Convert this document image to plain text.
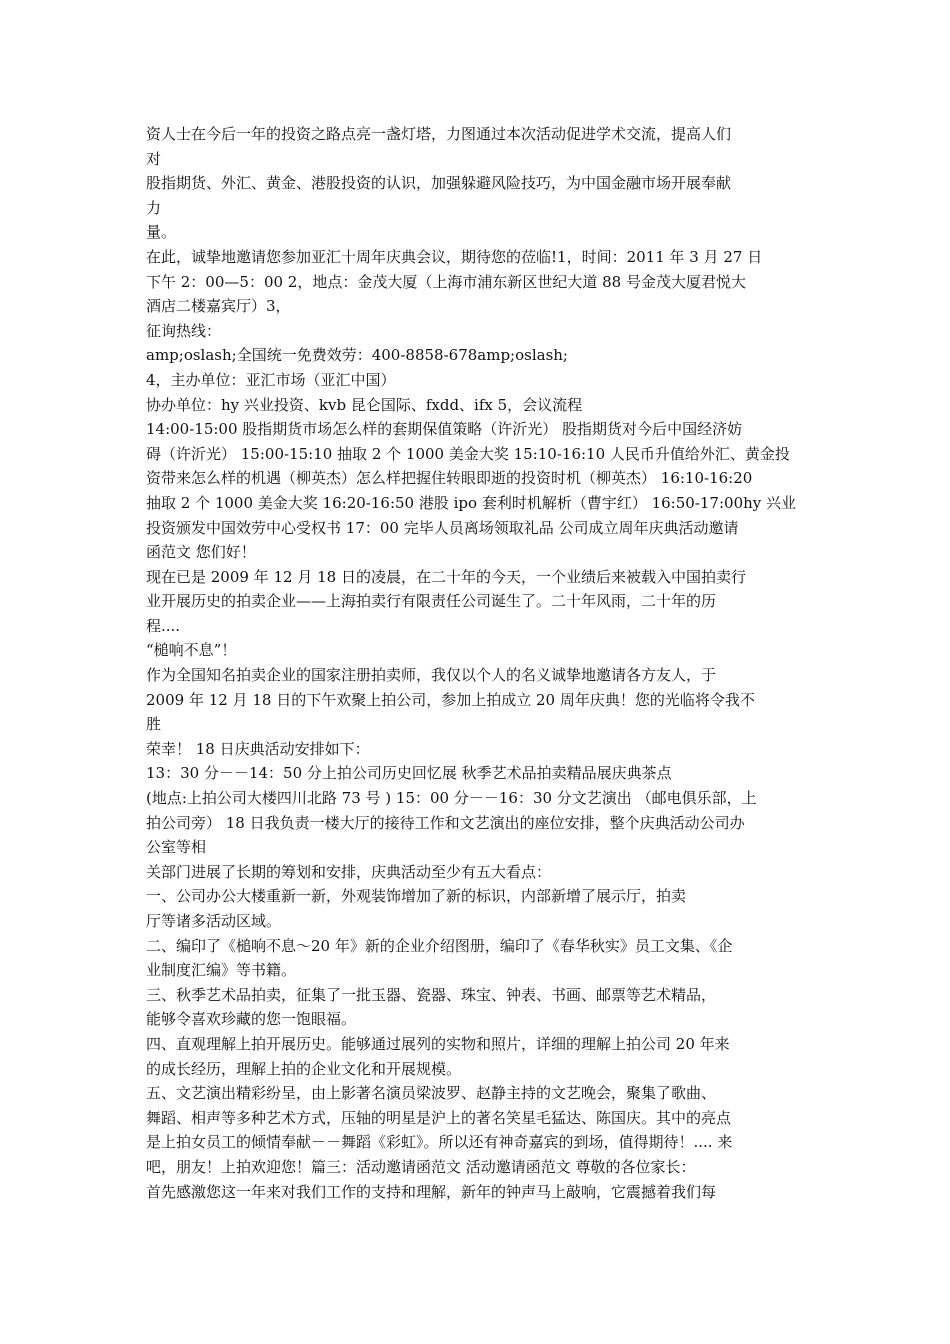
资人士在今后一年的投资之路点亮一盏灯塔，力图通过本次活动促进学术交流，提高人们
对
股指期货、外汇、黄金、港股投资的认识，加强躲避风险技巧，为中国金融市场开展奉献
力
量。
在此，诚挚地邀请您参加亚汇十周年庆典会议，期待您的莅临!1，时间：2011 年 3 月 27 日
下午 2：00—5：00 2，地点：金茂大厦（上海市浦东新区世纪大道 88 号金茂大厦君悦大
酒店二楼嘉宾厅）3，
征询热线：
amp;oslash;全国统一免费效劳：400-8858-678amp;oslash;
4，主办单位：亚汇市场（亚汇中国）
协办单位：hy 兴业投资、kvb 昆仑国际、fxdd、ifx 5，会议流程
14:00-15:00 股指期货市场怎么样的套期保值策略（许沂光） 股指期货对今后中国经济妨
碍（许沂光） 15:00-15:10 抽取 2 个 1000 美金大奖 15:10-16:10 人民币升值给外汇、黄金投
资带来怎么样的机遇（柳英杰）怎么样把握住转眼即逝的投资时机（柳英杰） 16:10-16:20
抽取 2 个 1000 美金大奖 16:20-16:50 港股 ipo 套利时机解析（曹宇红） 16:50-17:00hy 兴业
投资颁发中国效劳中心受权书 17：00 完毕人员离场领取礼品 公司成立周年庆典活动邀请
函范文 您们好！
现在已是 2009 年 12 月 18 日的凌晨，在二十年的今天，一个业绩后来被载入中国拍卖行
业开展历史的拍卖企业——上海拍卖行有限责任公司诞生了。二十年风雨，二十年的历
程....
“槌响不息”！
作为全国知名拍卖企业的国家注册拍卖师，我仅以个人的名义诚挚地邀请各方友人，于
2009 年 12 月 18 日的下午欢聚上拍公司，参加上拍成立 20 周年庆典！您的光临将令我不
胜
荣幸！ 18 日庆典活动安排如下：
13：30 分－－14：50 分上拍公司历史回忆展 秋季艺术品拍卖精品展庆典茶点
(地点:上拍公司大楼四川北路 73 号 ) 15：00 分－－16：30 分文艺演出 （邮电俱乐部，上
拍公司旁） 18 日我负责一楼大厅的接待工作和文艺演出的座位安排，整个庆典活动公司办
公室等相
关部门进展了长期的筹划和安排，庆典活动至少有五大看点：
一、公司办公大楼重新一新，外观装饰增加了新的标识，内部新增了展示厅，拍卖
厅等诸多活动区域。
二、编印了《槌响不息～20 年》新的企业介绍图册，编印了《春华秋实》员工文集、《企
业制度汇编》等书籍。
三、秋季艺术品拍卖，征集了一批玉器、瓷器、珠宝、钟表、书画、邮票等艺术精品，
能够令喜欢珍藏的您一饱眼福。
四、直观理解上拍开展历史。能够通过展列的实物和照片，详细的理解上拍公司 20 年来
的成长经历，理解上拍的企业文化和开展规模。
五、文艺演出精彩纷呈，由上影著名演员梁波罗、赵静主持的文艺晚会，聚集了歌曲、
舞蹈、相声等多种艺术方式，压轴的明星是沪上的著名笑星毛猛达、陈国庆。其中的亮点
是上拍女员工的倾情奉献－－舞蹈《彩虹》。所以还有神奇嘉宾的到场，值得期待！.... 来
吧，朋友！上拍欢迎您！篇三：活动邀请函范文 活动邀请函范文 尊敬的各位家长：
首先感激您这一年来对我们工作的支持和理解，新年的钟声马上敲响，它震撼着我们每
